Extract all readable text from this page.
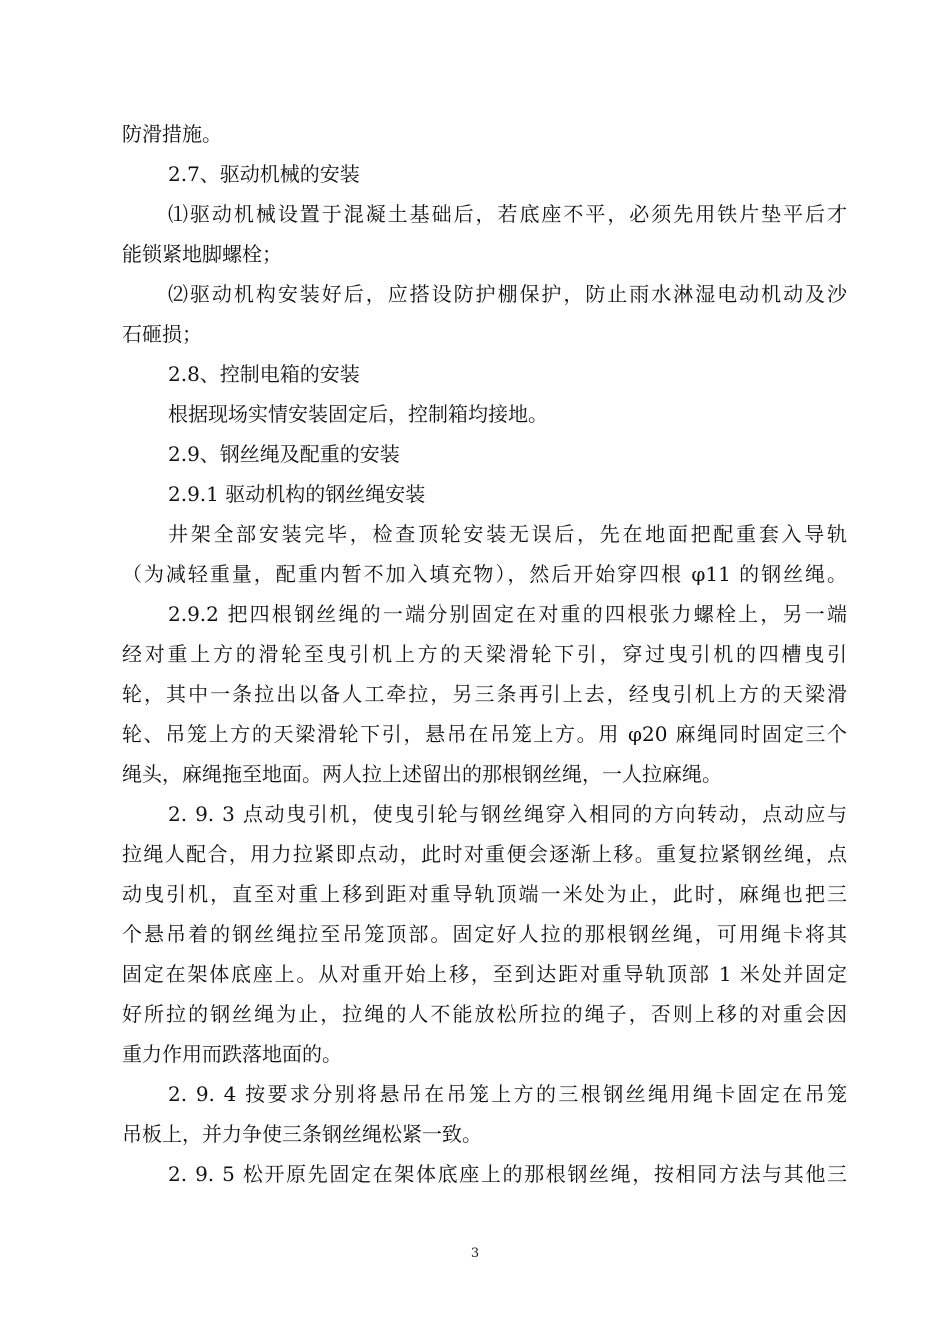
防滑措施。
2.7、驱动机械的安装
⑴驱动机械设置于混凝土基础后，若底座不平，必须先用铁片垫平后才
能锁紧地脚螺栓；
⑵驱动机构安装好后，应搭设防护棚保护，防止雨水淋湿电动机动及沙
石砸损；
2.8、控制电箱的安装
根据现场实情安装固定后，控制箱均接地。
2.9、钢丝绳及配重的安装
2.9.1 驱动机构的钢丝绳安装
井架全部安装完毕，检查顶轮安装无误后，先在地面把配重套入导轨
（为减轻重量，配重内暂不加入填充物），然后开始穿四根 φ11 的钢丝绳。
2.9.2 把四根钢丝绳的一端分别固定在对重的四根张力螺栓上，另一端
经对重上方的滑轮至曳引机上方的天梁滑轮下引，穿过曳引机的四槽曳引
轮，其中一条拉出以备人工牵拉，另三条再引上去，经曳引机上方的天梁滑
轮、吊笼上方的天梁滑轮下引，悬吊在吊笼上方。用 φ20 麻绳同时固定三个
绳头，麻绳拖至地面。两人拉上述留出的那根钢丝绳，一人拉麻绳。
2. 9. 3 点动曳引机，使曳引轮与钢丝绳穿入相同的方向转动，点动应与
拉绳人配合，用力拉紧即点动，此时对重便会逐渐上移。重复拉紧钢丝绳，点
动曳引机，直至对重上移到距对重导轨顶端一米处为止，此时，麻绳也把三
个悬吊着的钢丝绳拉至吊笼顶部。固定好人拉的那根钢丝绳，可用绳卡将其
固定在架体底座上。从对重开始上移，至到达距对重导轨顶部 1 米处并固定
好所拉的钢丝绳为止，拉绳的人不能放松所拉的绳子，否则上移的对重会因
重力作用而跌落地面的。
2. 9. 4 按要求分别将悬吊在吊笼上方的三根钢丝绳用绳卡固定在吊笼
吊板上，并力争使三条钢丝绳松紧一致。
2. 9. 5 松开原先固定在架体底座上的那根钢丝绳，按相同方法与其他三
3
